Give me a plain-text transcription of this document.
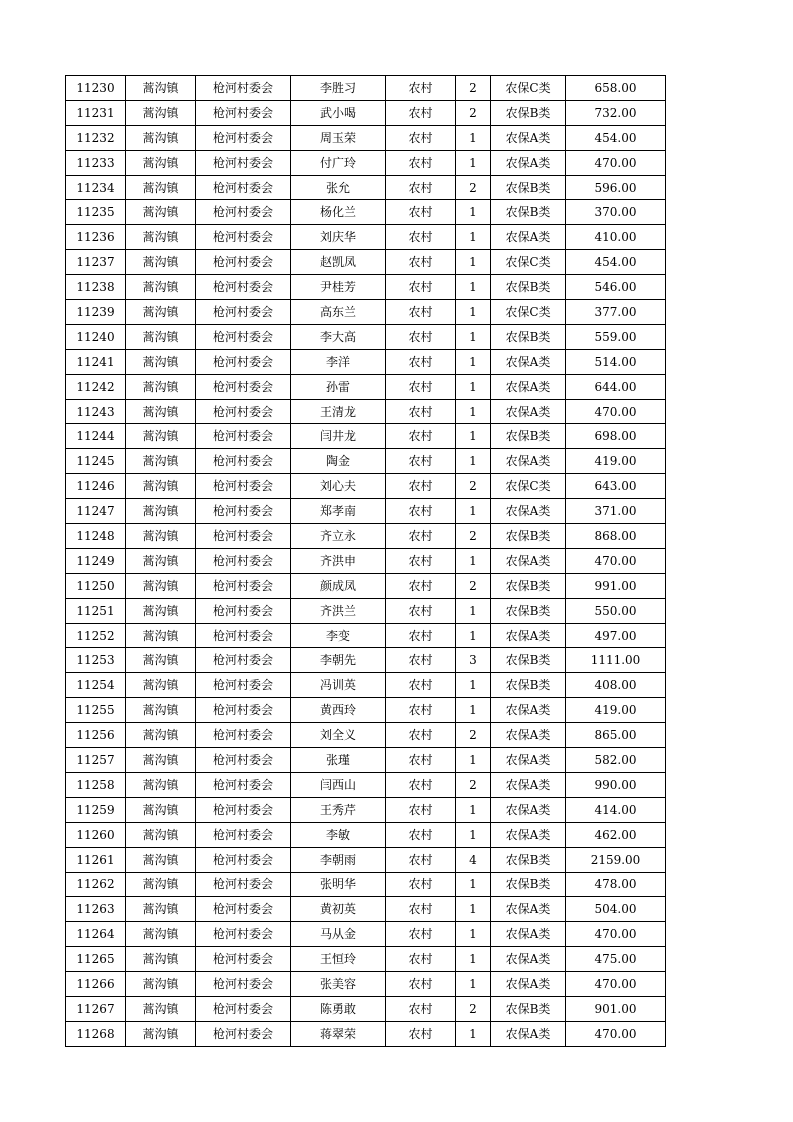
11230	蒿沟镇	枪河村委会	李胜习	农村	2	农保C类	658.00
11231	蒿沟镇	枪河村委会	武小喝	农村	2	农保B类	732.00
11232	蒿沟镇	枪河村委会	周玉荣	农村	1	农保A类	454.00
11233	蒿沟镇	枪河村委会	付广玲	农村	1	农保A类	470.00
11234	蒿沟镇	枪河村委会	张允	农村	2	农保B类	596.00
11235	蒿沟镇	枪河村委会	杨化兰	农村	1	农保B类	370.00
11236	蒿沟镇	枪河村委会	刘庆华	农村	1	农保A类	410.00
11237	蒿沟镇	枪河村委会	赵凯凤	农村	1	农保C类	454.00
11238	蒿沟镇	枪河村委会	尹桂芳	农村	1	农保B类	546.00
11239	蒿沟镇	枪河村委会	高东兰	农村	1	农保C类	377.00
11240	蒿沟镇	枪河村委会	李大高	农村	1	农保B类	559.00
11241	蒿沟镇	枪河村委会	李洋	农村	1	农保A类	514.00
11242	蒿沟镇	枪河村委会	孙雷	农村	1	农保A类	644.00
11243	蒿沟镇	枪河村委会	王清龙	农村	1	农保A类	470.00
11244	蒿沟镇	枪河村委会	闫井龙	农村	1	农保B类	698.00
11245	蒿沟镇	枪河村委会	陶金	农村	1	农保A类	419.00
11246	蒿沟镇	枪河村委会	刘心夫	农村	2	农保C类	643.00
11247	蒿沟镇	枪河村委会	郑孝南	农村	1	农保A类	371.00
11248	蒿沟镇	枪河村委会	齐立永	农村	2	农保B类	868.00
11249	蒿沟镇	枪河村委会	齐洪申	农村	1	农保A类	470.00
11250	蒿沟镇	枪河村委会	颜成凤	农村	2	农保B类	991.00
11251	蒿沟镇	枪河村委会	齐洪兰	农村	1	农保B类	550.00
11252	蒿沟镇	枪河村委会	李变	农村	1	农保A类	497.00
11253	蒿沟镇	枪河村委会	李朝先	农村	3	农保B类	1111.00
11254	蒿沟镇	枪河村委会	冯训英	农村	1	农保B类	408.00
11255	蒿沟镇	枪河村委会	黄西玲	农村	1	农保A类	419.00
11256	蒿沟镇	枪河村委会	刘全义	农村	2	农保A类	865.00
11257	蒿沟镇	枪河村委会	张瑾	农村	1	农保A类	582.00
11258	蒿沟镇	枪河村委会	闫西山	农村	2	农保A类	990.00
11259	蒿沟镇	枪河村委会	王秀芹	农村	1	农保A类	414.00
11260	蒿沟镇	枪河村委会	李敏	农村	1	农保A类	462.00
11261	蒿沟镇	枪河村委会	李朝雨	农村	4	农保B类	2159.00
11262	蒿沟镇	枪河村委会	张明华	农村	1	农保B类	478.00
11263	蒿沟镇	枪河村委会	黄初英	农村	1	农保A类	504.00
11264	蒿沟镇	枪河村委会	马从金	农村	1	农保A类	470.00
11265	蒿沟镇	枪河村委会	王恒玲	农村	1	农保A类	475.00
11266	蒿沟镇	枪河村委会	张美容	农村	1	农保A类	470.00
11267	蒿沟镇	枪河村委会	陈勇敢	农村	2	农保B类	901.00
11268	蒿沟镇	枪河村委会	蒋翠荣	农村	1	农保A类	470.00
